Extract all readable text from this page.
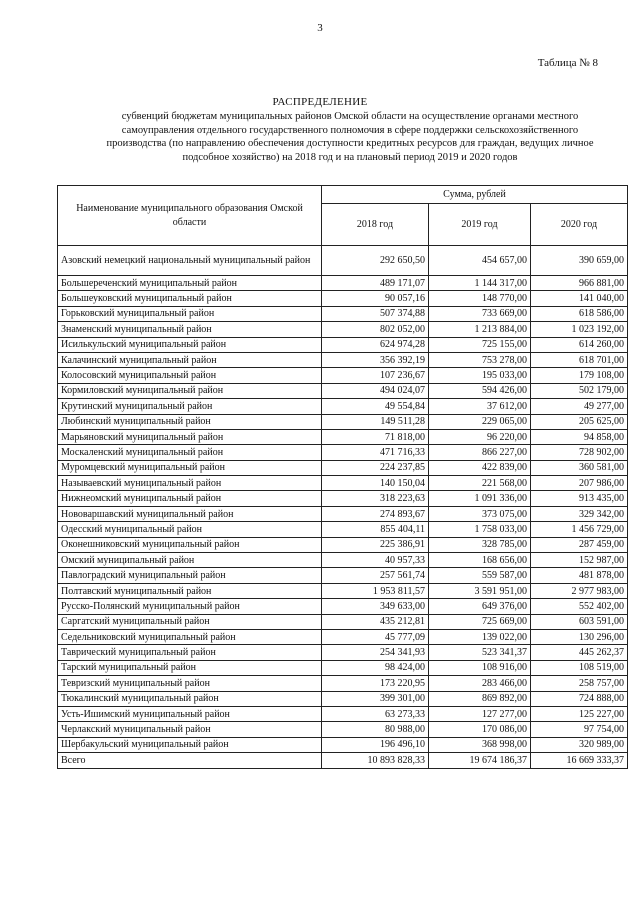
3
Таблица № 8
РАСПРЕДЕЛЕНИЕ
субвенций бюджетам муниципальных районов Омской области на осуществление органами местного самоуправления отдельного государственного полномочия в сфере поддержки сельскохозяйственного производства (по направлению обеспечения доступности кредитных ресурсов для граждан, ведущих личное подсобное хозяйство) на 2018 год и на плановый период 2019 и 2020 годов
Наименование муниципального образования Омской области	Сумма, рублей		
	2018 год	2019 год	2020 год
Азовский немецкий национальный муниципальный район	292 650,50	454 657,00	390 659,00
Большереченский муниципальный район	489 171,07	1 144 317,00	966 881,00
Большеуковский муниципальный район	90 057,16	148 770,00	141 040,00
Горьковский муниципальный район	507 374,88	733 669,00	618 586,00
Знаменский муниципальный район	802 052,00	1 213 884,00	1 023 192,00
Исилькульский муниципальный район	624 974,28	725 155,00	614 260,00
Калачинский муниципальный район	356 392,19	753 278,00	618 701,00
Колосовский муниципальный район	107 236,67	195 033,00	179 108,00
Кормиловский муниципальный район	494 024,07	594 426,00	502 179,00
Крутинский муниципальный район	49 554,84	37 612,00	49 277,00
Любинский муниципальный район	149 511,28	229 065,00	205 625,00
Марьяновский муниципальный район	71 818,00	96 220,00	94 858,00
Москаленский муниципальный район	471 716,33	866 227,00	728 902,00
Муромцевский муниципальный район	224 237,85	422 839,00	360 581,00
Называевский муниципальный район	140 150,04	221 568,00	207 986,00
Нижнеомский муниципальный район	318 223,63	1 091 336,00	913 435,00
Нововаршавский муниципальный район	274 893,67	373 075,00	329 342,00
Одесский муниципальный район	855 404,11	1 758 033,00	1 456 729,00
Оконешниковский муниципальный район	225 386,91	328 785,00	287 459,00
Омский муниципальный район	40 957,33	168 656,00	152 987,00
Павлоградский муниципальный район	257 561,74	559 587,00	481 878,00
Полтавский муниципальный район	1 953 811,57	3 591 951,00	2 977 983,00
Русско-Полянский муниципальный район	349 633,00	649 376,00	552 402,00
Саргатский муниципальный район	435 212,81	725 669,00	603 591,00
Седельниковский муниципальный район	45 777,09	139 022,00	130 296,00
Таврический муниципальный район	254 341,93	523 341,37	445 262,37
Тарский муниципальный район	98 424,00	108 916,00	108 519,00
Тевризский муниципальный район	173 220,95	283 466,00	258 757,00
Тюкалинский муниципальный район	399 301,00	869 892,00	724 888,00
Усть-Ишимский муниципальный район	63 273,33	127 277,00	125 227,00
Черлакский муниципальный район	80 988,00	170 086,00	97 754,00
Шербакульский муниципальный район	196 496,10	368 998,00	320 989,00
Всего	10 893 828,33	19 674 186,37	16 669 333,37
